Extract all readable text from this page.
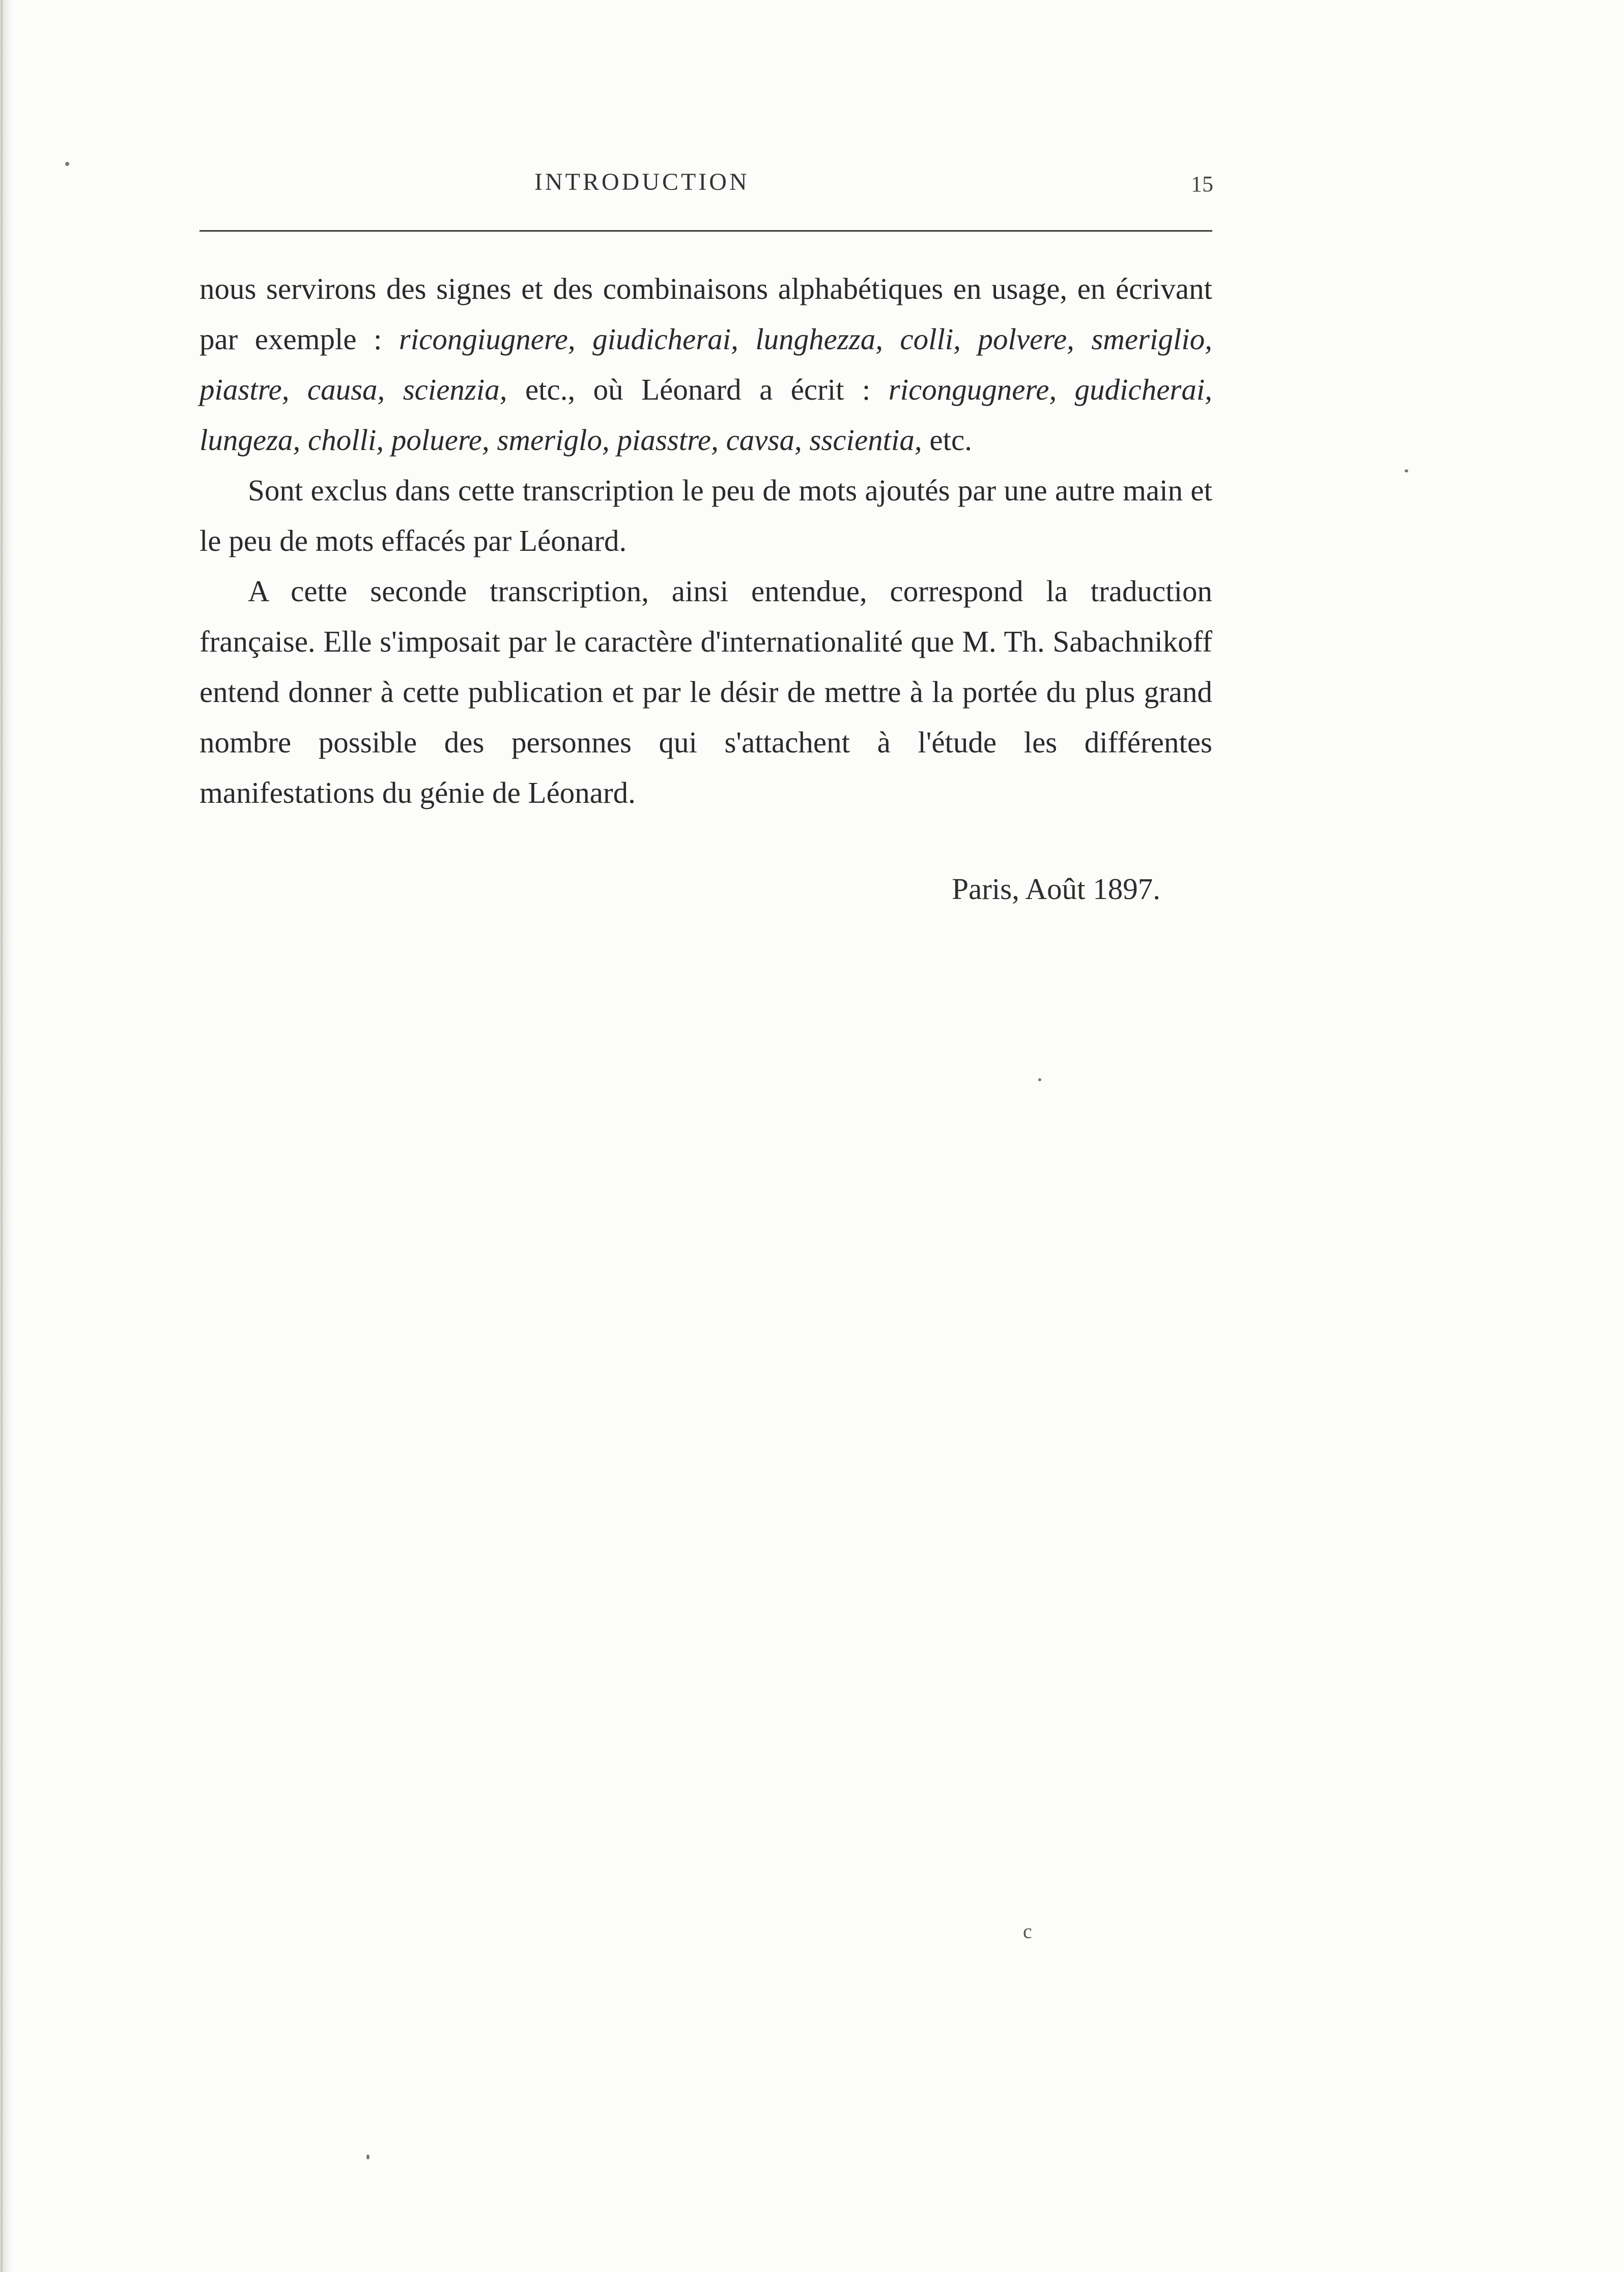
INTRODUCTION	15

nous servirons des signes et des combinaisons alphabétiques en usage, en écrivant par exemple : ricongiugnere, giudicherai, lunghezza, colli, polvere, smeriglio, piastre, causa, scienzia, etc., où Léonard a écrit : ricongugnere, gudicherai, lungeza, cholli, poluere, smeriglo, piasstre, cavsa, sscientia, etc.

Sont exclus dans cette transcription le peu de mots ajoutés par une autre main et le peu de mots effacés par Léonard.

A cette seconde transcription, ainsi entendue, correspond la traduction française. Elle s'imposait par le caractère d'internationalité que M. Th. Sabachnikoff entend donner à cette publication et par le désir de mettre à la portée du plus grand nombre possible des personnes qui s'attachent à l'étude les différentes manifestations du génie de Léonard.

Paris, Août 1897.
c
